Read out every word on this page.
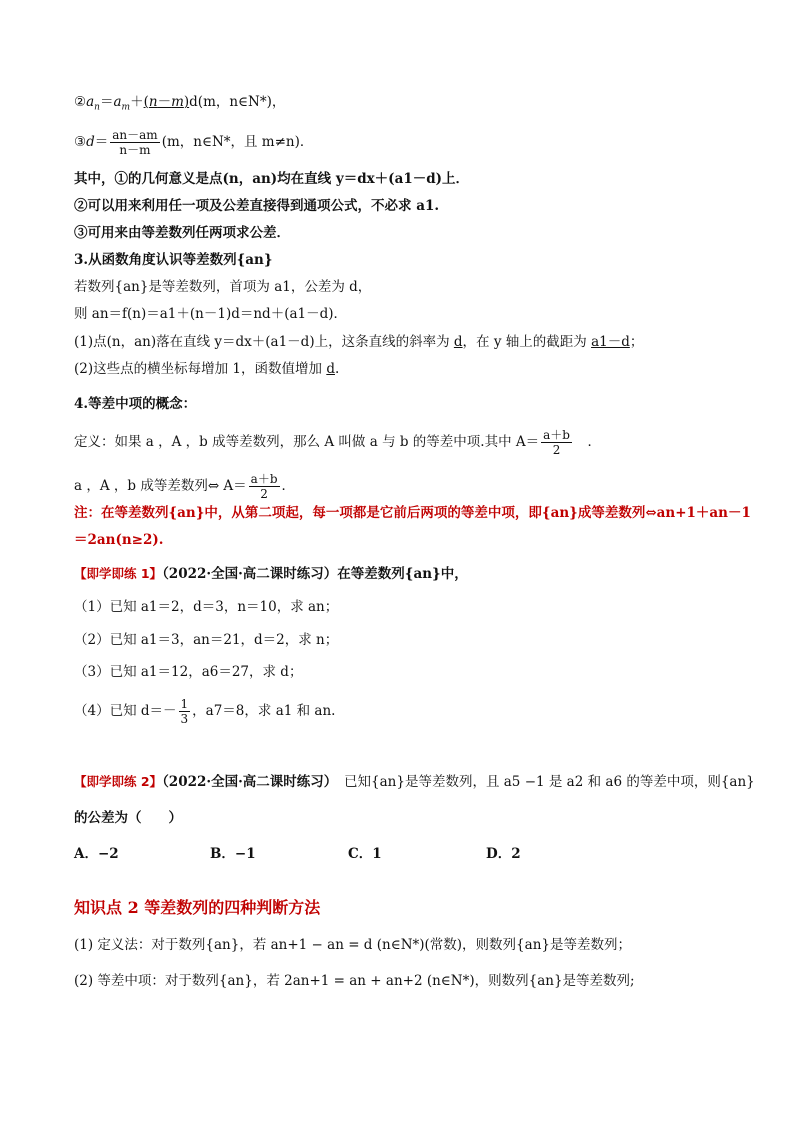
$②a_n=a_m+(n-m)d(m$，n∈N*)，
③d＝ $\frac{an-am}{n-m} (m$，n∈N*，且 m≠n)．
其中，①的几何意义是点(n，an)均在直线 y＝dx＋(a1－d)上．
②可以用来利用任一项及公差直接得到通项公式，不必求 a1.
③可用来由等差数列任两项求公差．
3.从函数角度认识等差数列{an}
若数列{an}是等差数列，首项为 a1，公差为 d，
则 an＝f(n)＝a1＋(n－1)d＝nd＋(a1－d)．
(1)点(n，an)落在直线 y＝dx＋(a1－d)上，这条直线的斜率为 d，在 y 轴上的截距为 a1－d；
(2)这些点的横坐标每增加 1，函数值增加 d.
4.等差中项的概念：
定义：如果 a ，A ，b 成等差数列，那么 A 叫做 a 与 b 的等差中项.其中 $A= \frac{a+b}{2}$
　 ．
a ，A ，b 成等差数列⇔ $A= \frac{a+b}{2}$ ．
注：在等差数列{an}中，从第二项起，每一项都是它前后两项的等差中项，即{an}成等差数列⇔an+1＋an－1
＝2an(n≥2).
【即学即练 1】（2022·全国·高二课时练习）在等差数列{an}中，
（1）已知 a1＝2，d＝3，n＝10，求 an；
（2）已知 a1＝3，an＝21，d＝2，求 n；
（3）已知 a1＝12，a6＝27，求 d；
（4）已知 $d=- \frac{1}{3}$ ，a7＝8，求 a1 和 an.
【即学即练 2】（2022·全国·高二课时练习）　 已知{an}是等差数列，且 a5 −1 是 a2 和 a6 的等差中项，则{an}
的公差为（　　）
A．−2	B．−1	C．1	D．2
知识点 2 等差数列的四种判断方法
(1) 定义法：对于数列{an}，若 an+1 − an = d (n∈N*)(常数)，则数列{an}是等差数列；
(2) 等差中项：对于数列{an}，若 2an+1 = an + an+2 (n∈N*)，则数列{an}是等差数列;
